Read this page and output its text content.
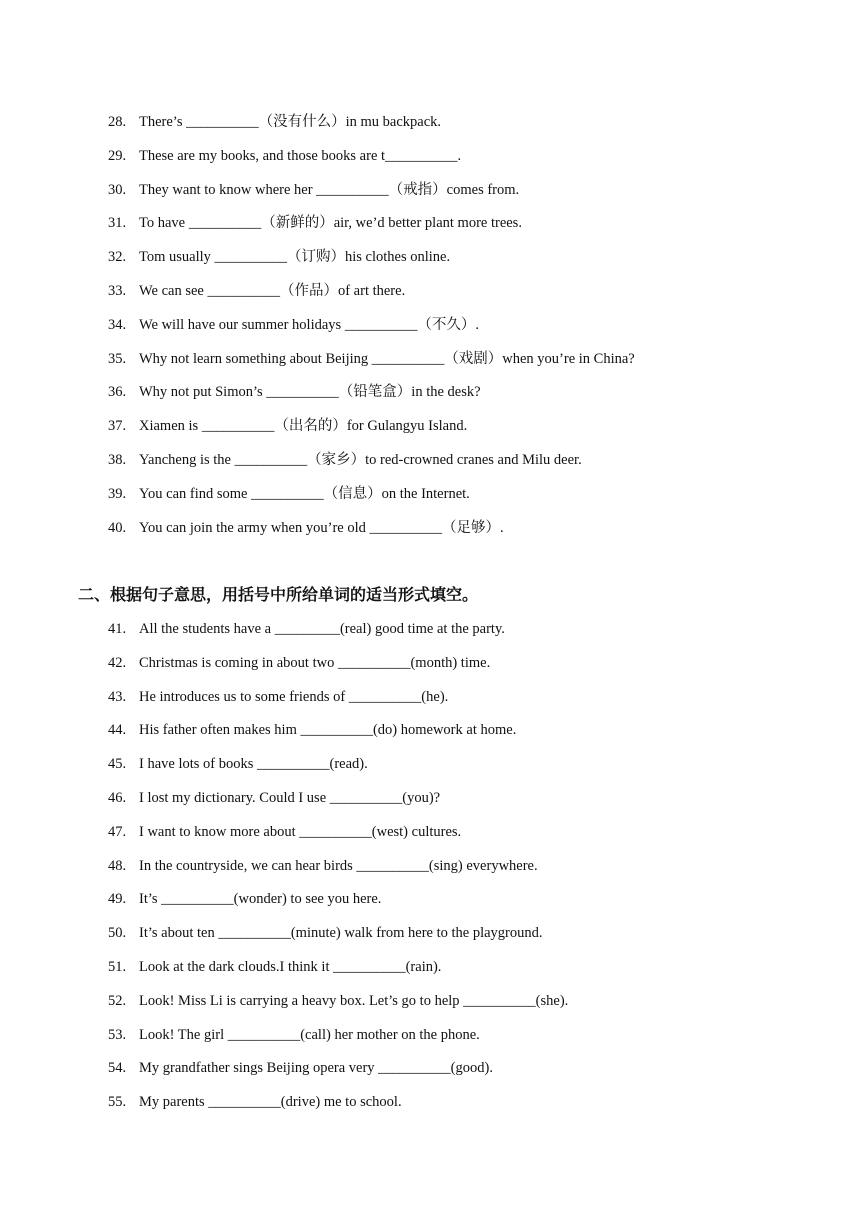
28. There’s __________（没有什么）in mu backpack.
29. These are my books, and those books are t__________.
30. They want to know where her __________（戒指）comes from.
31. To have __________（新鲜的）air, we’d better plant more trees.
32. Tom usually __________（订购）his clothes online.
33. We can see __________（作品）of art there.
34. We will have our summer holidays __________（不久）.
35. Why not learn something about Beijing __________（戏剧）when you’re in China?
36. Why not put Simon’s __________（铅笔盒）in the desk?
37. Xiamen is __________（出名的）for Gulangyu Island.
38. Yancheng is the __________（家乡）to red-crowned cranes and Milu deer.
39. You can find some __________（信息）on the Internet.
40. You can join the army when you’re old __________（足够）.
二、根据句子意思，用括号中所给单词的适当形式填空。
41. All the students have a _________(real) good time at the party.
42. Christmas is coming in about two __________(month) time.
43. He introduces us to some friends of __________(he).
44. His father often makes him __________(do) homework at home.
45. I have lots of books __________(read).
46. I lost my dictionary. Could I use __________(you)?
47. I want to know more about __________(west) cultures.
48. In the countryside, we can hear birds __________(sing) everywhere.
49. It’s __________(wonder) to see you here.
50. It’s about ten __________(minute) walk from here to the playground.
51. Look at the dark clouds.I think it __________(rain).
52. Look! Miss Li is carrying a heavy box. Let’s go to help __________(she).
53. Look! The girl __________(call) her mother on the phone.
54. My grandfather sings Beijing opera very __________(good).
55. My parents __________(drive) me to school.
